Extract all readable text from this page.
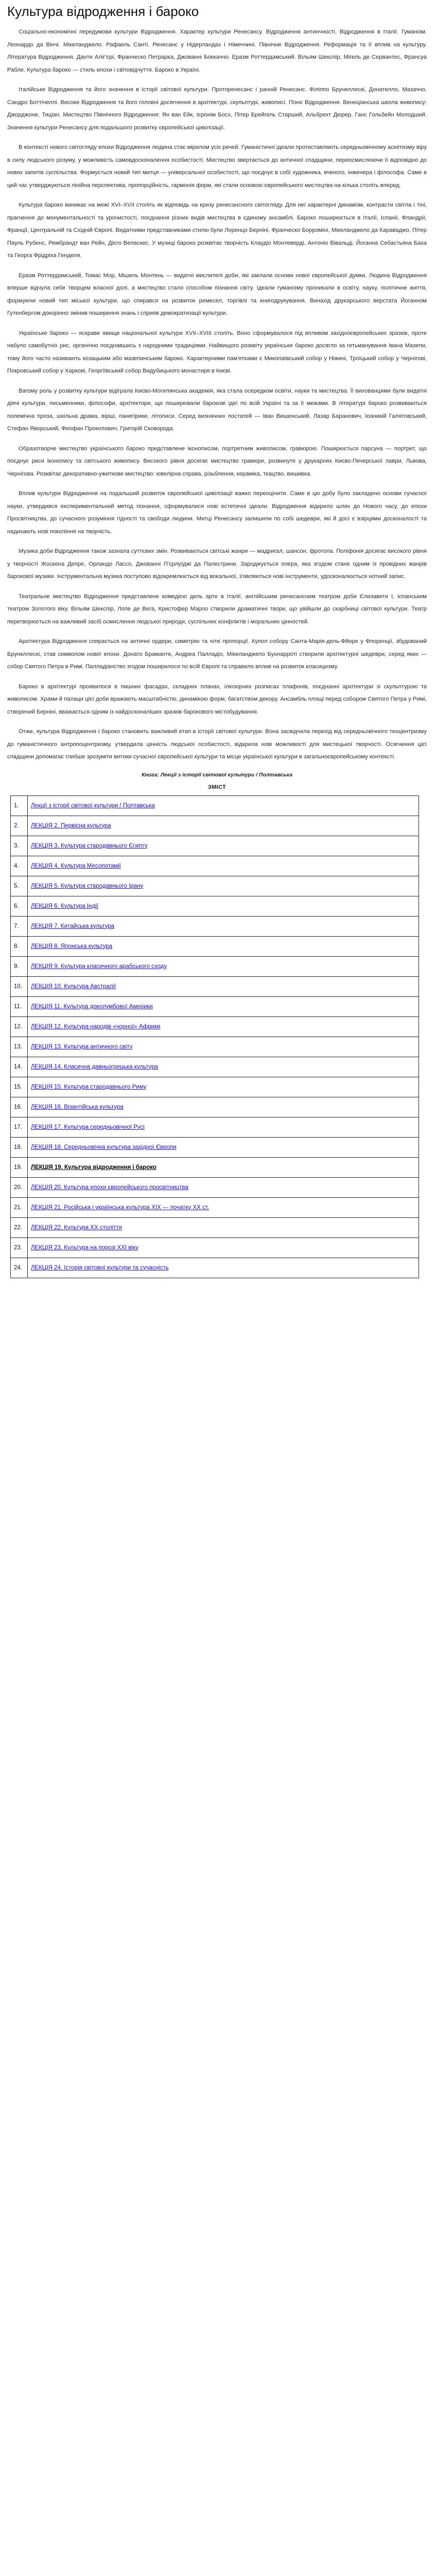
Культура відродження і бароко

Соціально-економічні передумови культури Відродження. Характер культури Ренесансу. Відродження антинчності. Відродження в Італії. Гуманізм. Леонардо да Вінчі. Мікеланджело. Рафаель Санті. Ренесанс у Нідерландах і Німеччині. Північне Відродження. Реформація та її вплив на культуру. Література Відродження. Данте Аліг'єрі, Франческо Петрарка, Джованні Боккаччо. Еразм Роттердамський. Вільям Шекспір, Мігель де Сервантес, Франсуа Рабле. Культура бароко — стиль епохи і світовідчуття. Бароко в Україні.

Італійське Відродження та його значення в історії світової культури. Проторенесанс і ранній Ренесанс. Філіппо Брунеллескі, Донателло, Мазаччо, Сандро Боттічеллі. Високе Відродження та його головні досягнення в архітектурі, скульптурі, живописі. Пізнє Відродження. Венеціанська школа живопису: Джорджоне, Тиціан. Мистецтво Північного Відродження: Ян ван Ейк, Ієронім Босх, Пітер Брейгель Старший, Альбрехт Дюрер, Ганс Гольбейн Молодший. Значення культури Ренесансу для подальшого розвитку європейської цивілізації.

В контексті нового світогляду епохи Відродження людина стає мірилом усіх речей. Гуманістичні ідеали протиставляють середньовічному аскетизму віру в силу людського розуму, у можливість самовдосконалення особистості. Мистецтво звертається до античної спадщини, переосмислюючи її відповідно до нових запитів суспільства. Формується новий тип митця — універсальної особистості, що поєднує в собі художника, вченого, інженера і філософа. Саме в цей час утверджуються лінійна перспектива, пропорційність, гармонія форм, які стали основою європейського мистецтва на кілька століть вперед.

Культура бароко виникає на межі XVI–XVII століть як відповідь на кризу ренесансного світогляду. Для неї характерні динамізм, контрасти світла і тіні, прагнення до монументальності та урочистості, поєднання різних видів мистецтва в єдиному ансамблі. Бароко поширюється в Італії, Іспанії, Фландрії, Франції, Центральній та Східній Європі. Видатними представниками стилю були Лоренцо Берніні, Франческо Борроміні, Мікеланджело да Караваджо, Пітер Пауль Рубенс, Рембрандт ван Рейн, Дієго Веласкес. У музиці бароко розквітає творчість Клаудіо Монтеверді, Антоніо Вівальді, Йоганна Себастьяна Баха та Георга Фрідріха Генделя.

Еразм Роттердамський, Томас Мор, Мішель Монтень — видатні мислителі доби, які заклали основи нової європейської думки. Людина Відродження вперше відчула себе творцем власної долі, а мистецтво стало способом пізнання світу. Ідеали гуманізму проникали в освіту, науку, політичне життя, формуючи новий тип міської культури, що спирався на розвиток ремесел, торгівлі та книгодрукування. Винахід друкарського верстата Йоганном Гутенбергом докорінно змінив поширення знань і сприяв демократизації культури.

Українське бароко — яскраве явище національної культури XVII–XVIII століть. Воно сформувалося під впливом західноєвропейських зразків, проте набуло самобутніх рис, органічно поєднавшись з народними традиціями. Найвищого розквіту українське бароко досягло за гетьманування Івана Мазепи, тому його часто називають козацьким або мазепинським бароко. Характерними пам'ятками є Миколаївський собор у Ніжині, Троїцький собор у Чернігові, Покровський собор у Харкові, Георгіївський собор Видубицького монастиря в Києві.

Вагому роль у розвитку культури відіграла Києво-Могилянська академія, яка стала осередком освіти, науки та мистецтва. Її вихованцями були видатні діячі культури, письменники, філософи, архітектори, що поширювали барокові ідеї по всій Україні та за її межами. В літературі бароко розвиваються полемічна проза, шкільна драма, вірші, панегірики, літописи. Серед визначних постатей — Іван Вишенський, Лазар Баранович, Іоаникій Галятовський, Стефан Яворський, Феофан Прокопович, Григорій Сковорода.

Образотворче мистецтво українського бароко представлене іконописом, портретним живописом, гравюрою. Поширюється парсуна — портрет, що поєднує риси іконопису та світського живопису. Високого рівня досягає мистецтво гравюри, розвинуте у друкарнях Києво-Печерської лаври, Львова, Чернігова. Розквітає декоративно-ужиткове мистецтво: ювелірна справа, різьблення, кераміка, ткацтво, вишивка.

Вплив культури Відродження на подальший розвиток європейської цивілізації важко переоцінити. Саме в цю добу було закладено основи сучасної науки, утвердився експериментальний метод пізнання, сформувалися нові естетичні ідеали. Відродження відкрило шлях до Нового часу, до епохи Просвітництва, до сучасного розуміння гідності та свободи людини. Митці Ренесансу залишили по собі шедеври, які й досі є взірцями досконалості та надихають нові покоління на творчість.

Музика доби Відродження також зазнала суттєвих змін. Розвиваються світські жанри — мадригал, шансон, фротола. Поліфонія досягає високого рівня у творчості Жоскена Депре, Орландо Лассо, Джованні П'єрлуїджі да Палестрини. Зароджується опера, яка згодом стане одним із провідних жанрів барокової музики. Інструментальна музика поступово відокремлюється від вокальної, з'являються нові інструменти, удосконалюється нотний запис.

Театральне мистецтво Відродження представлене комедією дель арте в Італії, англійським ренесансним театром доби Єлизавети I, іспанським театром Золотого віку. Вільям Шекспір, Лопе де Вега, Кристофер Марло створили драматичні твори, що увійшли до скарбниці світової культури. Театр перетворюється на важливий засіб осмислення людської природи, суспільних конфліктів і моральних цінностей.

Архітектура Відродження спирається на античні ордери, симетрію та чіткі пропорції. Купол собору Санта-Марія-дель-Фйоре у Флоренції, збудований Брунеллескі, став символом нової епохи. Донато Браманте, Андреа Палладіо, Мікеланджело Буонарроті створили архітектурні шедеври, серед яких — собор Святого Петра в Римі. Палладіанство згодом поширилося по всій Європі та справило вплив на розвиток класицизму.

Бароко в архітектурі проявилося в пишних фасадах, складних планах, ілюзорних розписах плафонів, поєднанні архітектури зі скульптурою та живописом. Храми й палаци цієї доби вражають масштабністю, динамікою форм, багатством декору. Ансамбль площі перед собором Святого Петра у Римі, створений Берніні, вважається одним із найдосконаліших зразків барокового містобудування.

Отже, культура Відродження і бароко становить важливий етап в історії світової культури. Вона засвідчила перехід від середньовічного теоцентризму до гуманістичного антропоцентризму, утвердила цінність людської особистості, відкрила нові можливості для мистецької творчості. Осягнення цієї спадщини допомагає глибше зрозуміти витоки сучасної європейської культури та місце української культури в загальноєвропейському контексті.

Книга: Лекції з історії світової культури / Полтавська
ЗМІСТ
1.	Лекції з історії світової культури / Полтавська
2.	ЛЕКЦІЯ 2. Первісна культура
3.	ЛЕКЦІЯ 3. Культура стародавнього Єгипту
4.	ЛЕКЦІЯ 4. Культура Месопотамії
5.	ЛЕКЦІЯ 5. Культура стародавнього Ірану
6.	ЛЕКЦІЯ 6. Культура Індії
7.	ЛЕКЦІЯ 7. Китайська культура
8.	ЛЕКЦІЯ 8. Японська культура
9.	ЛЕКЦІЯ 9. Культура класичного арабського сходу
10.	ЛЕКЦІЯ 10. Культура Австралії
11.	ЛЕКЦІЯ 11. Культура доколумбової Америки
12.	ЛЕКЦІЯ 12. Культура народів «чорної» Африки
13.	ЛЕКЦІЯ 13. Культура античного світу
14.	ЛЕКЦІЯ 14. Класична давньогрецька культура
15.	ЛЕКЦІЯ 15. Культура стародавнього Риму
16.	ЛЕКЦІЯ 16. Візантійська культура
17.	ЛЕКЦІЯ 17. Культура середньовічної Русі
18.	ЛЕКЦІЯ 18. Середньовічна культура західної Європи
19.	ЛЕКЦІЯ 19. Культура відродження і бароко
20.	ЛЕКЦІЯ 20. Культура епохи європейського просвітництва
21.	ЛЕКЦІЯ 21. Російська і українська культура XIX — початку XX ст.
22.	ЛЕКЦІЯ 22. Культура XX століття
23.	ЛЕКЦІЯ 23. Культура на порозі XXI віку
24.	ЛЕКЦІЯ 24. Історія світової культури та сучасність
